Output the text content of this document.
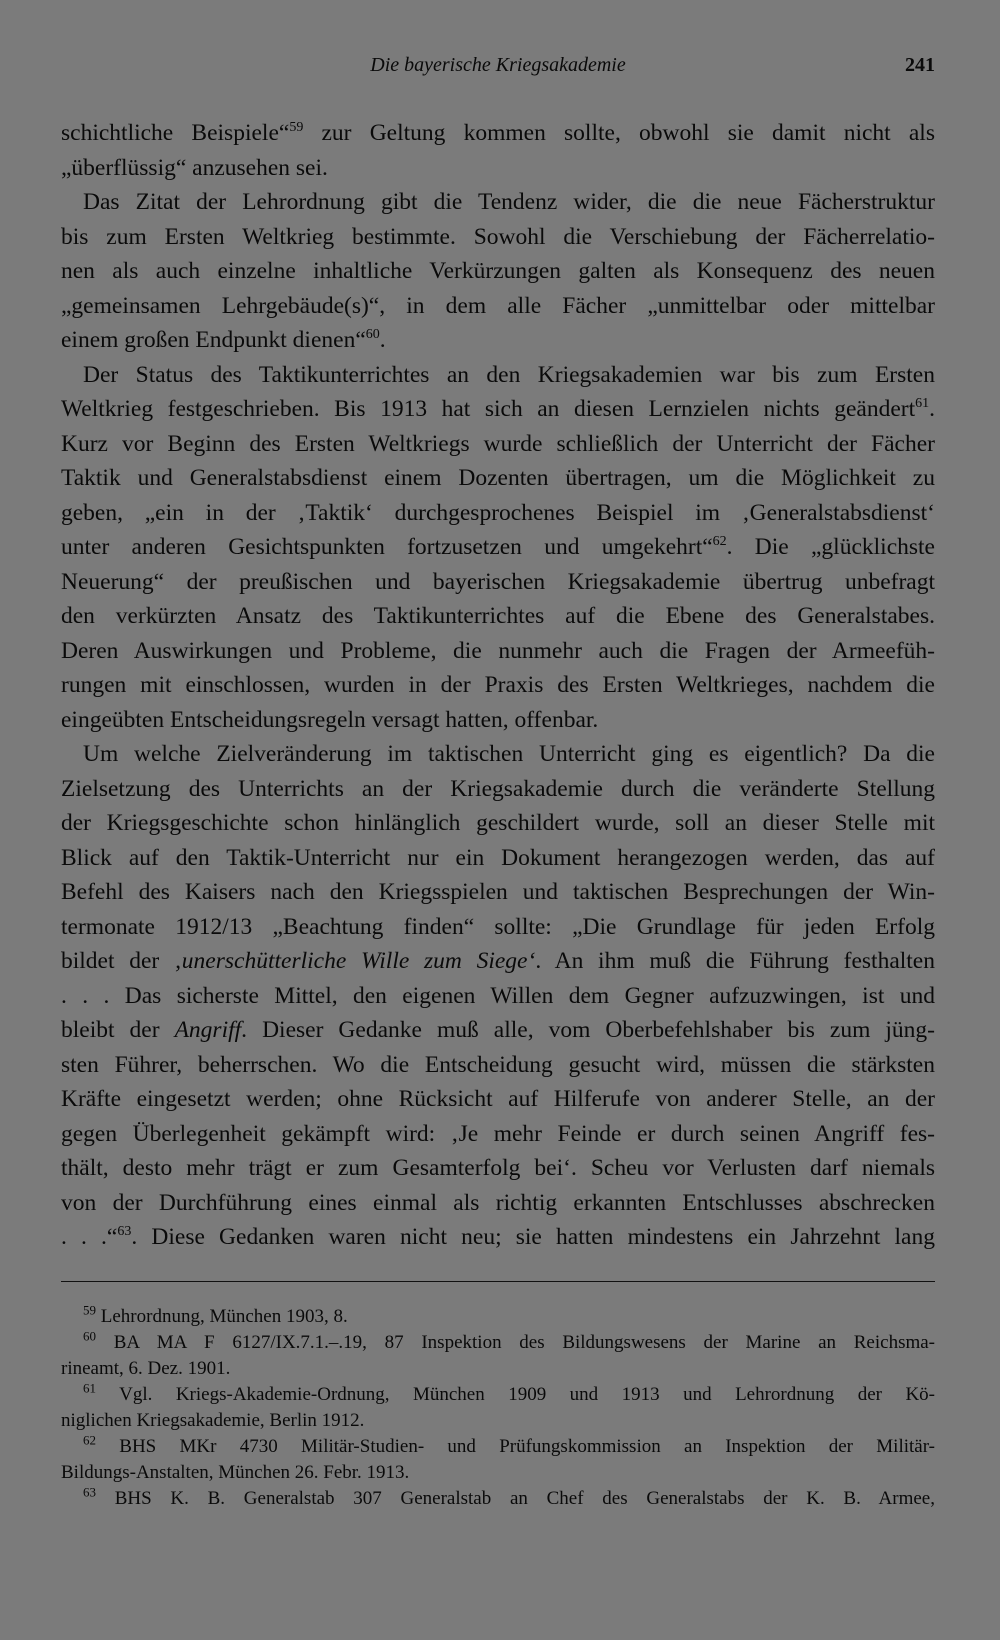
Die bayerische Kriegsakademie	241
schichtliche Beispiele“$^{59}$ zur Geltung kommen sollte, obwohl sie damit nicht als
„überflüssig“ anzusehen sei.
Das Zitat der Lehrordnung gibt die Tendenz wider, die die neue Fächerstruktur
bis zum Ersten Weltkrieg bestimmte. Sowohl die Verschiebung der Fächerrelatio-
nen als auch einzelne inhaltliche Verkürzungen galten als Konsequenz des neuen
„gemeinsamen Lehrgebäude(s)“, in dem alle Fächer „unmittelbar oder mittelbar
einem großen Endpunkt dienen“$^{60}$.
Der Status des Taktikunterrichtes an den Kriegsakademien war bis zum Ersten
Weltkrieg festgeschrieben. Bis 1913 hat sich an diesen Lernzielen nichts geändert$^{61}$.
Kurz vor Beginn des Ersten Weltkriegs wurde schließlich der Unterricht der Fächer
Taktik und Generalstabsdienst einem Dozenten übertragen, um die Möglichkeit zu
geben, „ein in der ‚Taktik‘ durchgesprochenes Beispiel im ‚Generalstabsdienst‘
unter anderen Gesichtspunkten fortzusetzen und umgekehrt“$^{62}$. Die „glücklichste
Neuerung“ der preußischen und bayerischen Kriegsakademie übertrug unbefragt
den verkürzten Ansatz des Taktikunterrichtes auf die Ebene des Generalstabes.
Deren Auswirkungen und Probleme, die nunmehr auch die Fragen der Armeefüh-
rungen mit einschlossen, wurden in der Praxis des Ersten Weltkrieges, nachdem die
eingeübten Entscheidungsregeln versagt hatten, offenbar.
Um welche Zielveränderung im taktischen Unterricht ging es eigentlich? Da die
Zielsetzung des Unterrichts an der Kriegsakademie durch die veränderte Stellung
der Kriegsgeschichte schon hinlänglich geschildert wurde, soll an dieser Stelle mit
Blick auf den Taktik-Unterricht nur ein Dokument herangezogen werden, das auf
Befehl des Kaisers nach den Kriegsspielen und taktischen Besprechungen der Win-
termonate 1912/13 „Beachtung finden“ sollte: „Die Grundlage für jeden Erfolg
bildet der ‚unerschütterliche Wille zum Siege‘. An ihm muß die Führung festhalten
. . . Das sicherste Mittel, den eigenen Willen dem Gegner aufzuzwingen, ist und
bleibt der Angriff. Dieser Gedanke muß alle, vom Oberbefehlshaber bis zum jüng-
sten Führer, beherrschen. Wo die Entscheidung gesucht wird, müssen die stärksten
Kräfte eingesetzt werden; ohne Rücksicht auf Hilferufe von anderer Stelle, an der
gegen Überlegenheit gekämpft wird: ‚Je mehr Feinde er durch seinen Angriff fes-
thält, desto mehr trägt er zum Gesamterfolg bei‘. Scheu vor Verlusten darf niemals
von der Durchführung eines einmal als richtig erkannten Entschlusses abschrecken
. . .“$^{63}$. Diese Gedanken waren nicht neu; sie hatten mindestens ein Jahrzehnt lang
$^{59}$ Lehrordnung, München 1903, 8.
$^{60}$ BA MA F 6127/IX.7.1.–.19, 87 Inspektion des Bildungswesens der Marine an Reichsma-
rineamt, 6. Dez. 1901.
$^{61}$ Vgl. Kriegs-Akademie-Ordnung, München 1909 und 1913 und Lehrordnung der Kö-
niglichen Kriegsakademie, Berlin 1912.
$^{62}$ BHS MKr 4730 Militär-Studien- und Prüfungskommission an Inspektion der Militär-
Bildungs-Anstalten, München 26. Febr. 1913.
$^{63}$ BHS K. B. Generalstab 307 Generalstab an Chef des Generalstabs der K. B. Armee,
